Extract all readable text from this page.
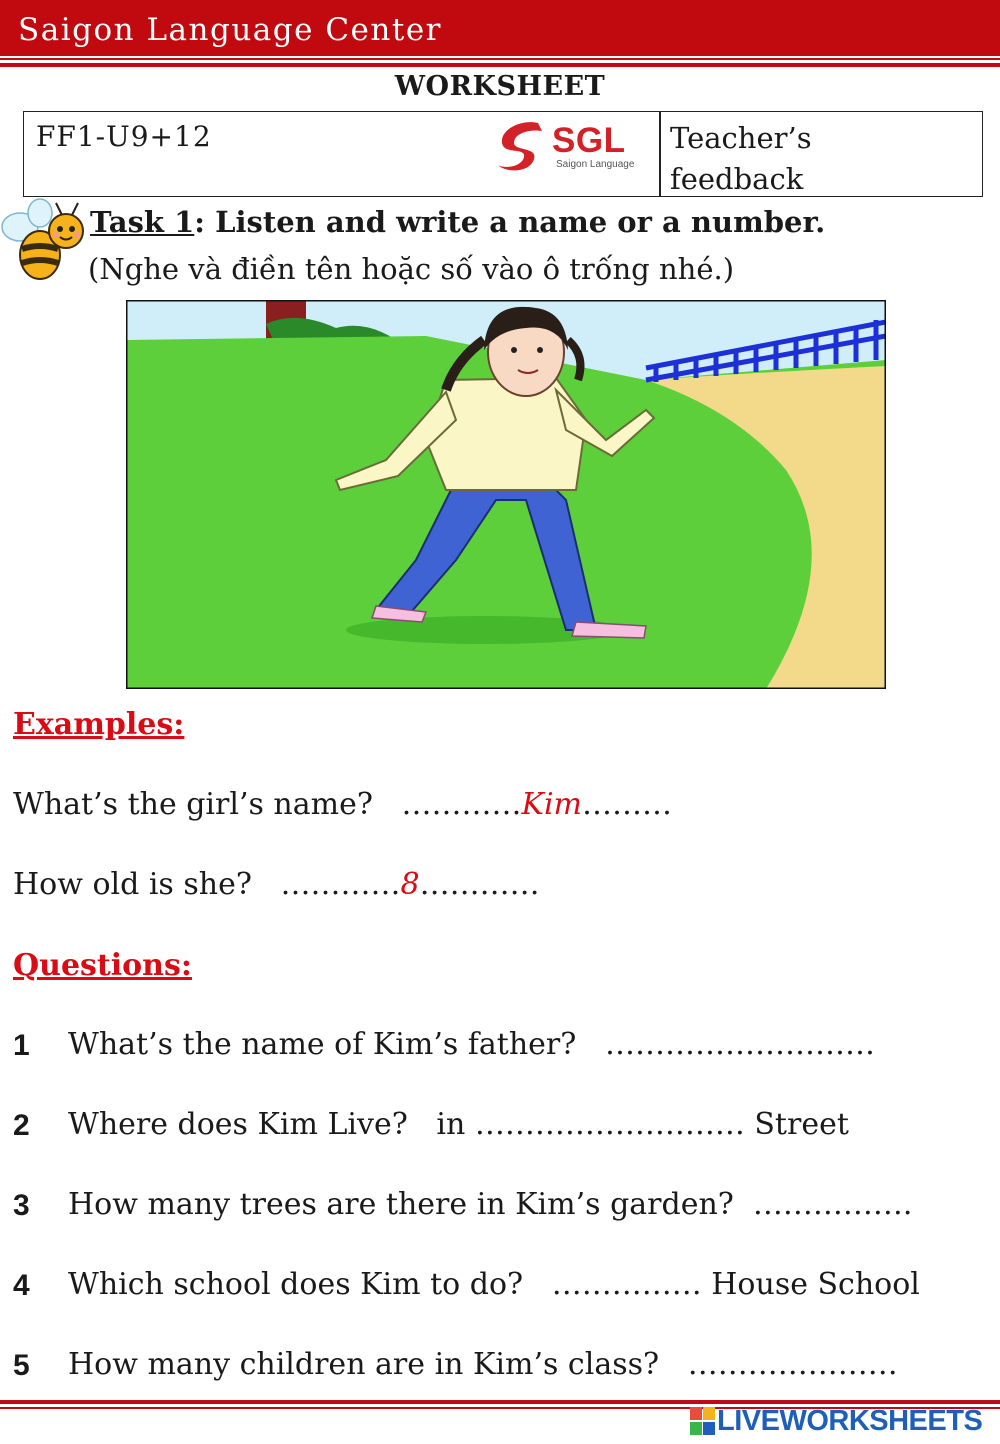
Saigon Language Center
WORKSHEET
FF1-U9+12	Teacher’s
feedback
SGL
Saigon Language
Task 1: Listen and write a name or a number.
(Nghe và điền tên hoặc số vào ô trống nhé.)
Examples:
What’s the girl’s name?   …………Kim………
How old is she?   …………8…………
Questions:
1 What’s the name of Kim’s father?   ………………………
2 Where does Kim Live?   in ……………………… Street
3 How many trees are there in Kim’s garden?  …………….
4 Which school does Kim to do?   …………… House School
5 How many children are in Kim’s class?   …………………
LIVEWORKSHEETS
